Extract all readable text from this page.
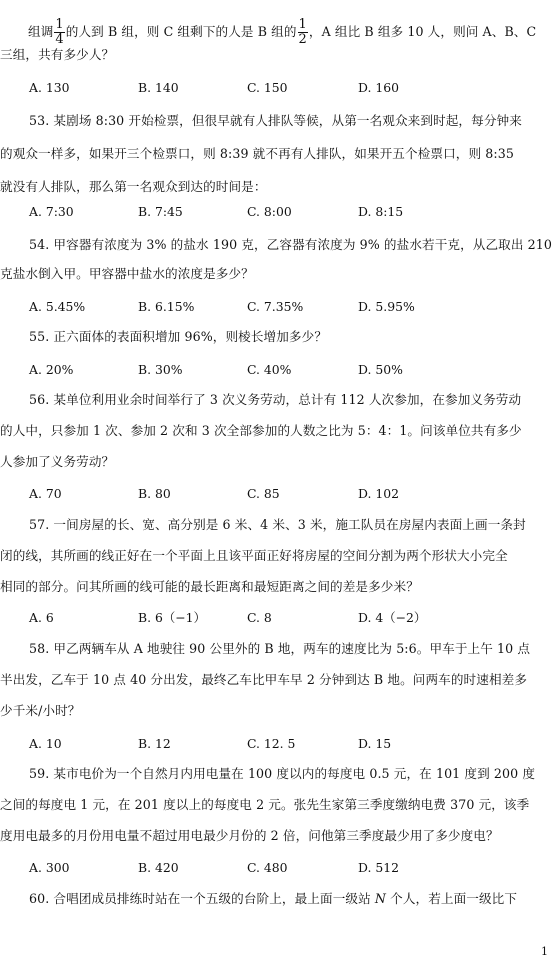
组调 $\frac{1}{4}$ 的人到 B 组，则 C 组剩下的人是 B 组的 $\frac{1}{2}$ ，A 组比 B 组多 10 人，则问 A、B、C
三组，共有多少人？
A. 130	B. 140	C. 150	D. 160
53. 某剧场 8:30 开始检票，但很早就有人排队等候，从第一名观众来到时起，每分钟来
的观众一样多，如果开三个检票口，则 8:39 就不再有人排队，如果开五个检票口，则 8:35
就没有人排队，那么第一名观众到达的时间是：
A. 7:30	B. 7:45	C. 8:00	D. 8:15
54. 甲容器有浓度为 3% 的盐水 190 克，乙容器有浓度为 9% 的盐水若干克，从乙取出 210
克盐水倒入甲。甲容器中盐水的浓度是多少？
A. 5.45%	B. 6.15%	C. 7.35%	D. 5.95%
55. 正六面体的表面积增加 96%，则棱长增加多少？
A. 20%	B. 30%	C. 40%	D. 50%
56. 某单位利用业余时间举行了 3 次义务劳动，总计有 112 人次参加，在参加义务劳动
的人中，只参加 1 次、参加 2 次和 3 次全部参加的人数之比为 5：4：1。问该单位共有多少
人参加了义务劳动？
A. 70	B. 80	C. 85	D. 102
57. 一间房屋的长、宽、高分别是 6 米、4 米、3 米，施工队员在房屋内表面上画一条封
闭的线，其所画的线正好在一个平面上且该平面正好将房屋的空间分割为两个形状大小完全
相同的部分。问其所画的线可能的最长距离和最短距离之间的差是多少米？
A. 6	B. 6（−1）	C. 8	D. 4（−2）
58. 甲乙两辆车从 A 地驶往 90 公里外的 B 地，两车的速度比为 5:6。甲车于上午 10 点
半出发，乙车于 10 点 40 分出发，最终乙车比甲车早 2 分钟到达 B 地。问两车的时速相差多
少千米/小时？
A. 10	B. 12	C. 12. 5	D. 15
59. 某市电价为一个自然月内用电量在 100 度以内的每度电 0.5 元，在 101 度到 200 度
之间的每度电 1 元，在 201 度以上的每度电 2 元。张先生家第三季度缴纳电费 370 元，该季
度用电最多的月份用电量不超过用电最少月份的 2 倍，问他第三季度最少用了多少度电？
A. 300	B. 420	C. 480	D. 512
60. 合唱团成员排练时站在一个五级的台阶上，最上面一级站 N 个人，若上面一级比下
1
